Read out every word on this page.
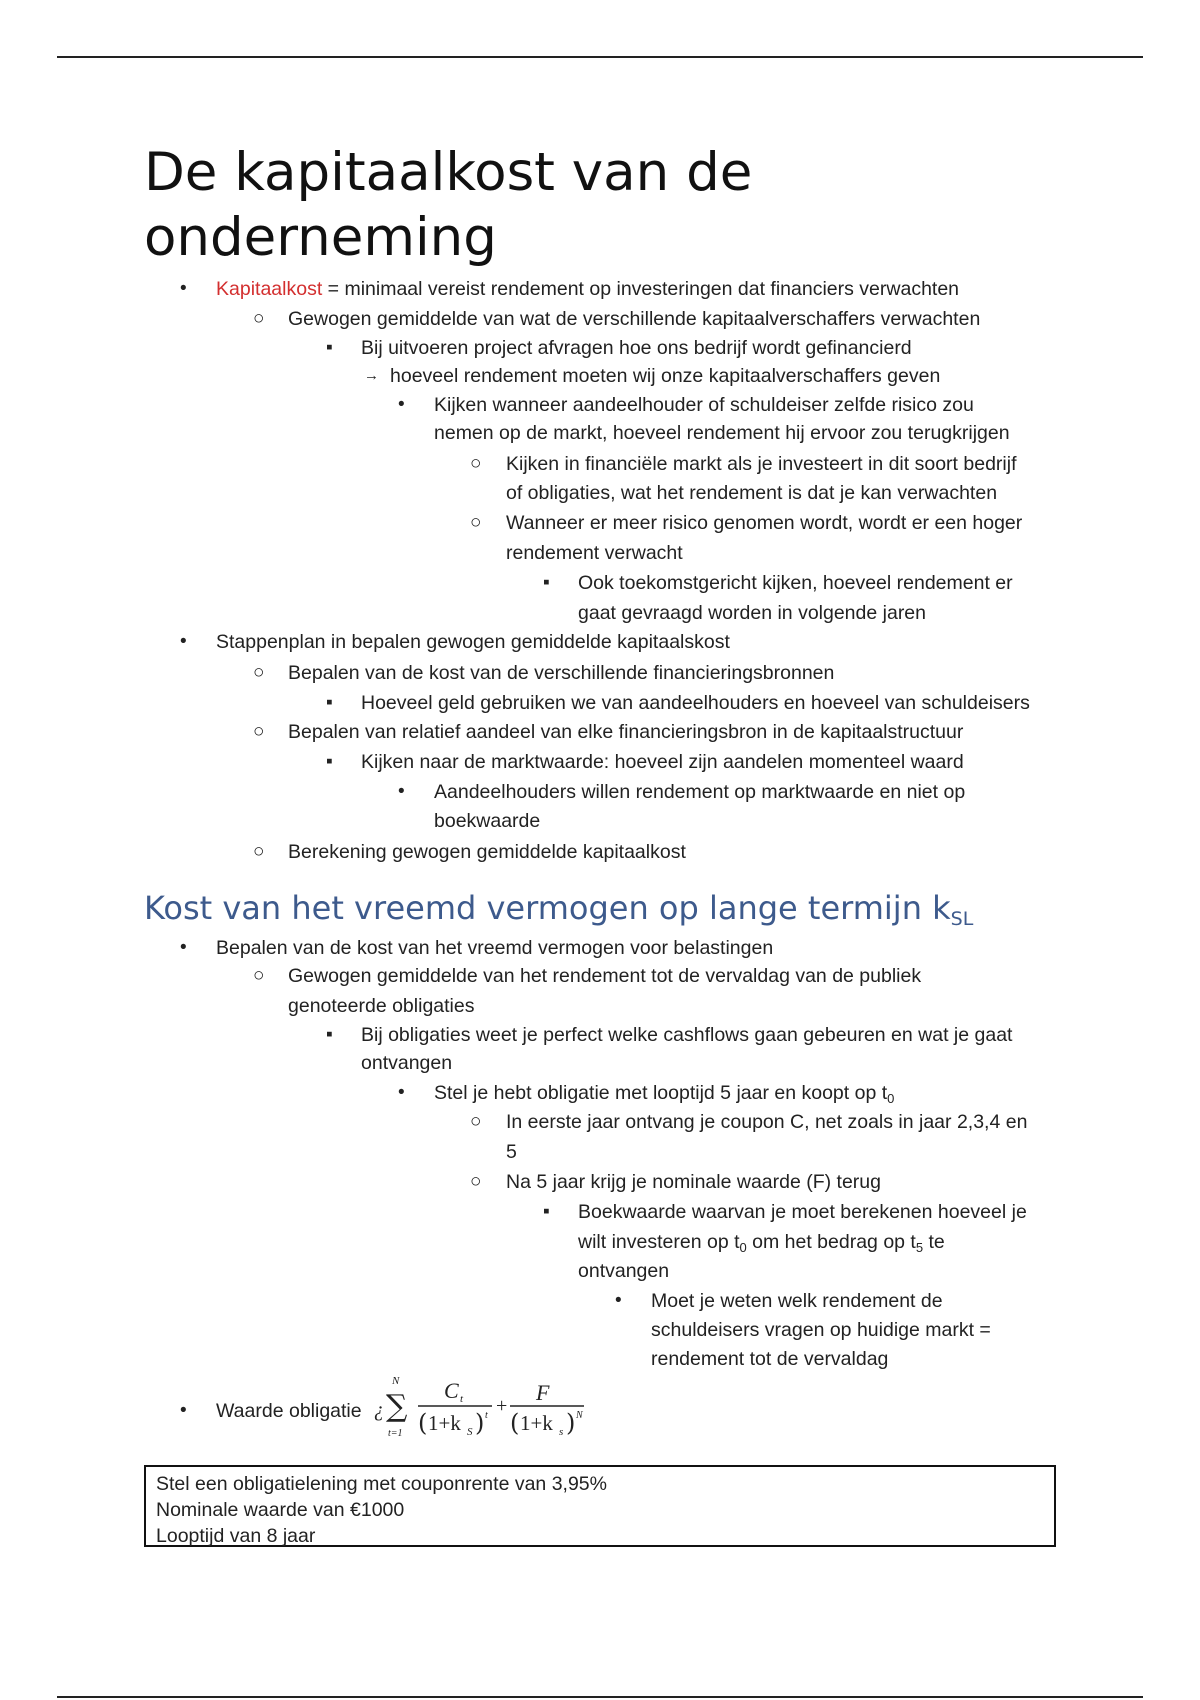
De kapitaalkost van de
onderneming
• Kapitaalkost = minimaal vereist rendement op investeringen dat financiers verwachten
○ Gewogen gemiddelde van wat de verschillende kapitaalverschaffers verwachten
▪ Bij uitvoeren project afvragen hoe ons bedrijf wordt gefinancierd
→ hoeveel rendement moeten wij onze kapitaalverschaffers geven
• Kijken wanneer aandeelhouder of schuldeiser zelfde risico zou
nemen op de markt, hoeveel rendement hij ervoor zou terugkrijgen
○ Kijken in financiële markt als je investeert in dit soort bedrijf
of obligaties, wat het rendement is dat je kan verwachten
○ Wanneer er meer risico genomen wordt, wordt er een hoger
rendement verwacht
▪ Ook toekomstgericht kijken, hoeveel rendement er
gaat gevraagd worden in volgende jaren
• Stappenplan in bepalen gewogen gemiddelde kapitaalskost
○ Bepalen van de kost van de verschillende financieringsbronnen
▪ Hoeveel geld gebruiken we van aandeelhouders en hoeveel van schuldeisers
○ Bepalen van relatief aandeel van elke financieringsbron in de kapitaalstructuur
▪ Kijken naar de marktwaarde: hoeveel zijn aandelen momenteel waard
• Aandeelhouders willen rendement op marktwaarde en niet op
boekwaarde
○ Berekening gewogen gemiddelde kapitaalkost
Kost van het vreemd vermogen op lange termijn $k_{SL}$
• Bepalen van de kost van het vreemd vermogen voor belastingen
○ Gewogen gemiddelde van het rendement tot de vervaldag van de publiek
genoteerde obligaties
▪ Bij obligaties weet je perfect welke cashflows gaan gebeuren en wat je gaat
ontvangen
• Stel je hebt obligatie met looptijd 5 jaar en koopt op $t_0$
○ In eerste jaar ontvang je coupon C, net zoals in jaar 2,3,4 en
5
○ Na 5 jaar krijg je nominale waarde (F) terug
▪ Boekwaarde waarvan je moet berekenen hoeveel je
wilt investeren op $t_0$ om het bedrag op $t_5$ te
ontvangen
• Moet je weten welk rendement de
schuldeisers vragen op huidige markt =
rendement tot de vervaldag
• Waarde obligatie ¿
N
∑
t=1
C t
( 1+k S ) t +
F
( 1+k s ) N
Stel een obligatielening met couponrente van 3,95%
Nominale waarde van €1000
Looptijd van 8 jaar
